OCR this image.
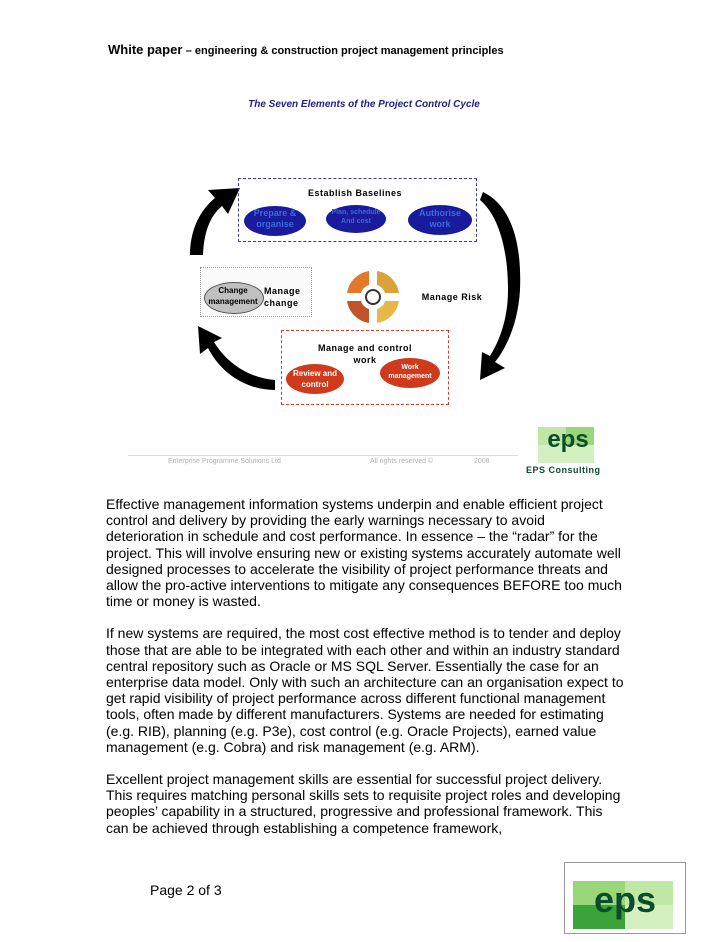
White paper – engineering & construction project management principles
The Seven Elements of the Project Control Cycle
Establish Baselines
Prepare &
organise
Plan, schedule
And cost
Authorise
work
Change
management
Manage
change
Manage Risk
Manage and control
work
Review and
control
Work
management
Enterprise Programme Solutions Ltd	All rights reserved ©	2008
eps
EPS Consulting

Effective management information systems underpin and enable efficient project control and delivery by providing the early warnings necessary to avoid deterioration in schedule and cost performance. In essence – the “radar” for the project. This will involve ensuring new or existing systems accurately automate well designed processes to accelerate the visibility of project performance threats and allow the pro-active interventions to mitigate any consequences BEFORE too much time or money is wasted.

If new systems are required, the most cost effective method is to tender and deploy those that are able to be integrated with each other and within an industry standard central repository such as Oracle or MS SQL Server. Essentially the case for an enterprise data model. Only with such an architecture can an organisation expect to get rapid visibility of project performance across different functional management tools, often made by different manufacturers. Systems are needed for estimating (e.g. RIB), planning (e.g. P3e), cost control (e.g. Oracle Projects), earned value management (e.g. Cobra) and risk management (e.g. ARM).

Excellent project management skills are essential for successful project delivery. This requires matching personal skills sets to requisite project roles and developing peoples’ capability in a structured, progressive and professional framework. This can be achieved through establishing a competence framework,

Page 2 of 3	eps
